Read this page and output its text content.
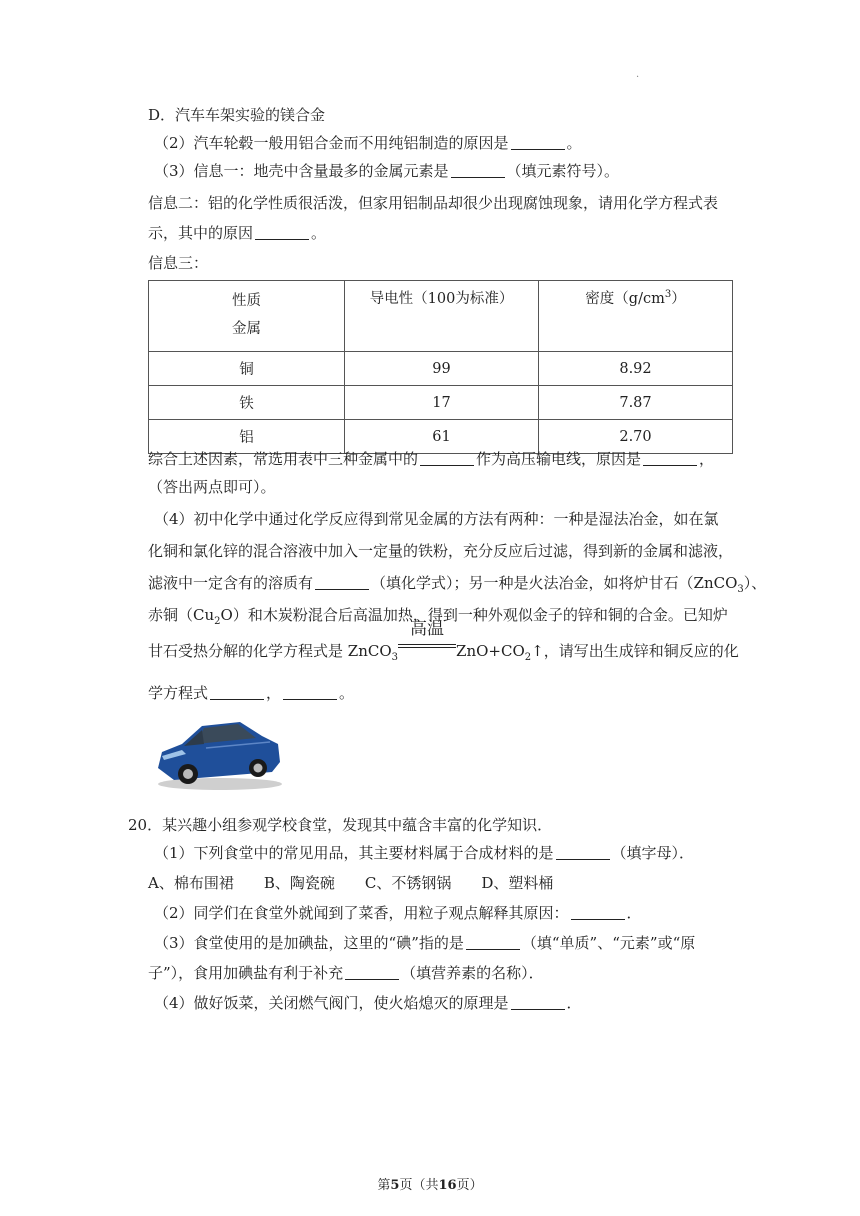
·
D．汽车车架实验的镁合金
（2）汽车轮毂一般用铝合金而不用纯铝制造的原因是	。
（3）信息一：地壳中含量最多的金属元素是	（填元素符号）。
信息二：铝的化学性质很活泼，但家用铝制品却很少出现腐蚀现象，请用化学方程式表
示，其中的原因	。
信息三：
性质
金属	导电性（100为标准）	密度$(g/cm^3)$
铜	99	8.92
铁	17	7.87
铝	61	2.70
综合上述因素，常选用表中三种金属中的	作为高压输电线，原因是	，
（答出两点即可）。
（4）初中化学中通过化学反应得到常见金属的方法有两种：一种是湿法冶金，如在氯
化铜和氯化锌的混合溶液中加入一定量的铁粉，充分反应后过滤，得到新的金属和滤液，
滤液中一定含有的溶质有	（填化学式）；另一种是火法冶金，如将炉甘石（ZnCO$_3$）、
赤铜$(Cu_2O)$和木炭粉混合后高温加热，得到一种外观似金子的锌和铜的合金。已知炉
甘石受热分解的化学方程式是 ZnCO$_3$
高温
$ZnO+CO_2↑$，请写出生成锌和铜反应的化
学方程式	，	。
20．某兴趣小组参观学校食堂，发现其中蕴含丰富的化学知识．
（1）下列食堂中的常见用品，其主要材料属于合成材料的是	（填字母）．
A、棉布围裙　　B、陶瓷碗　　C、不锈钢锅　　D、塑料桶
（2）同学们在食堂外就闻到了菜香，用粒子观点解释其原因：	．
（3）食堂使用的是加碘盐，这里的“碘”指的是	（填“单质”、“元素”或“原
子”），食用加碘盐有利于补充	（填营养素的名称）．
（4）做好饭菜，关闭燃气阀门，使火焰熄灭的原理是	．
第5页（共16页）
